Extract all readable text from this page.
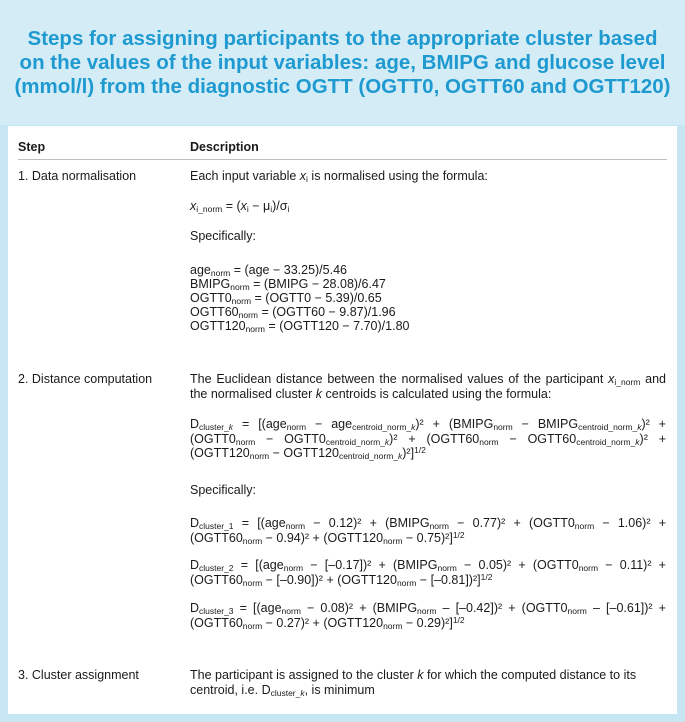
Steps for assigning participants to the appropriate cluster based on the values of the input variables: age, BMIPG and glucose level (mmol/l) from the diagnostic OGTT (OGTT0, OGTT60 and OGTT120)
Step	Description
1. Data normalisation	Each input variable $x_i$ is normalised using the formula:
$x_{i\_norm} = (x_i - \mu_i)/\sigma_i$
Specifically:
age$_{norm}$ = (age − 33.25)/5.46
$BMIPG_{norm}$ = (BMIPG − 28.08)/6.47
$OGTT0_{norm}$ = (OGTT0 − 5.39)/0.65
$OGTT60_{norm}$ = (OGTT60 − 9.87)/1.96
$OGTT120_{norm}$ = (OGTT120 − 7.70)/1.80
2. Distance computation	The Euclidean distance between the normalised values of the participant $x_{i\_norm}$ and the normalised cluster k centroids is calculated using the formula:
$D_{cluster\_k} = [(age_{norm} - age_{centroid\_norm\_k})^2$ + ($BMIPG_{norm}$ − $BMIPG_{centroid\_norm\_k})^2$ + ($OGTT0_{norm}$ − $OGTT0_{centroid\_norm\_k})^2$ + ($OGTT60_{norm}$ − $OGTT60_{centroid\_norm\_k})^2$ + ($OGTT120_{norm}$ − $OGTT120_{centroid\_norm\_k})^2]^{1/2}$
Specifically:
$D_{cluster\_1} = [(age_{norm} - 0.12)^2$ + $(BMIPG_{norm} - 0.77)^2$ + $(OGTT0_{norm} - 1.06)^2$ + $(OGTT60_{norm} - 0.94)^2$ + $(OGTT120_{norm} - 0.75)^2]^{1/2}$
$D_{cluster\_2} = [(age_{norm} - [-0.17])^2$ + $(BMIPG_{norm} - 0.05)^2$ + $(OGTT0_{norm} - 0.11)^2$ + $(OGTT60_{norm} - [-0.90])^2$ + $(OGTT120_{norm} - [-0.81])^2]^{1/2}$
$D_{cluster\_3} = [(age_{norm} - 0.08)^2$ + $(BMIPG_{norm} - [-0.42])^2$ + $(OGTT0_{norm} - [-0.61])^2$ + $(OGTT60_{norm} - 0.27)^2$ + $(OGTT120_{norm} - 0.29)^2]^{1/2}$
3. Cluster assignment	The participant is assigned to the cluster k for which the computed distance to its centroid, i.e. $D_{cluster\_k}$, is minimum
